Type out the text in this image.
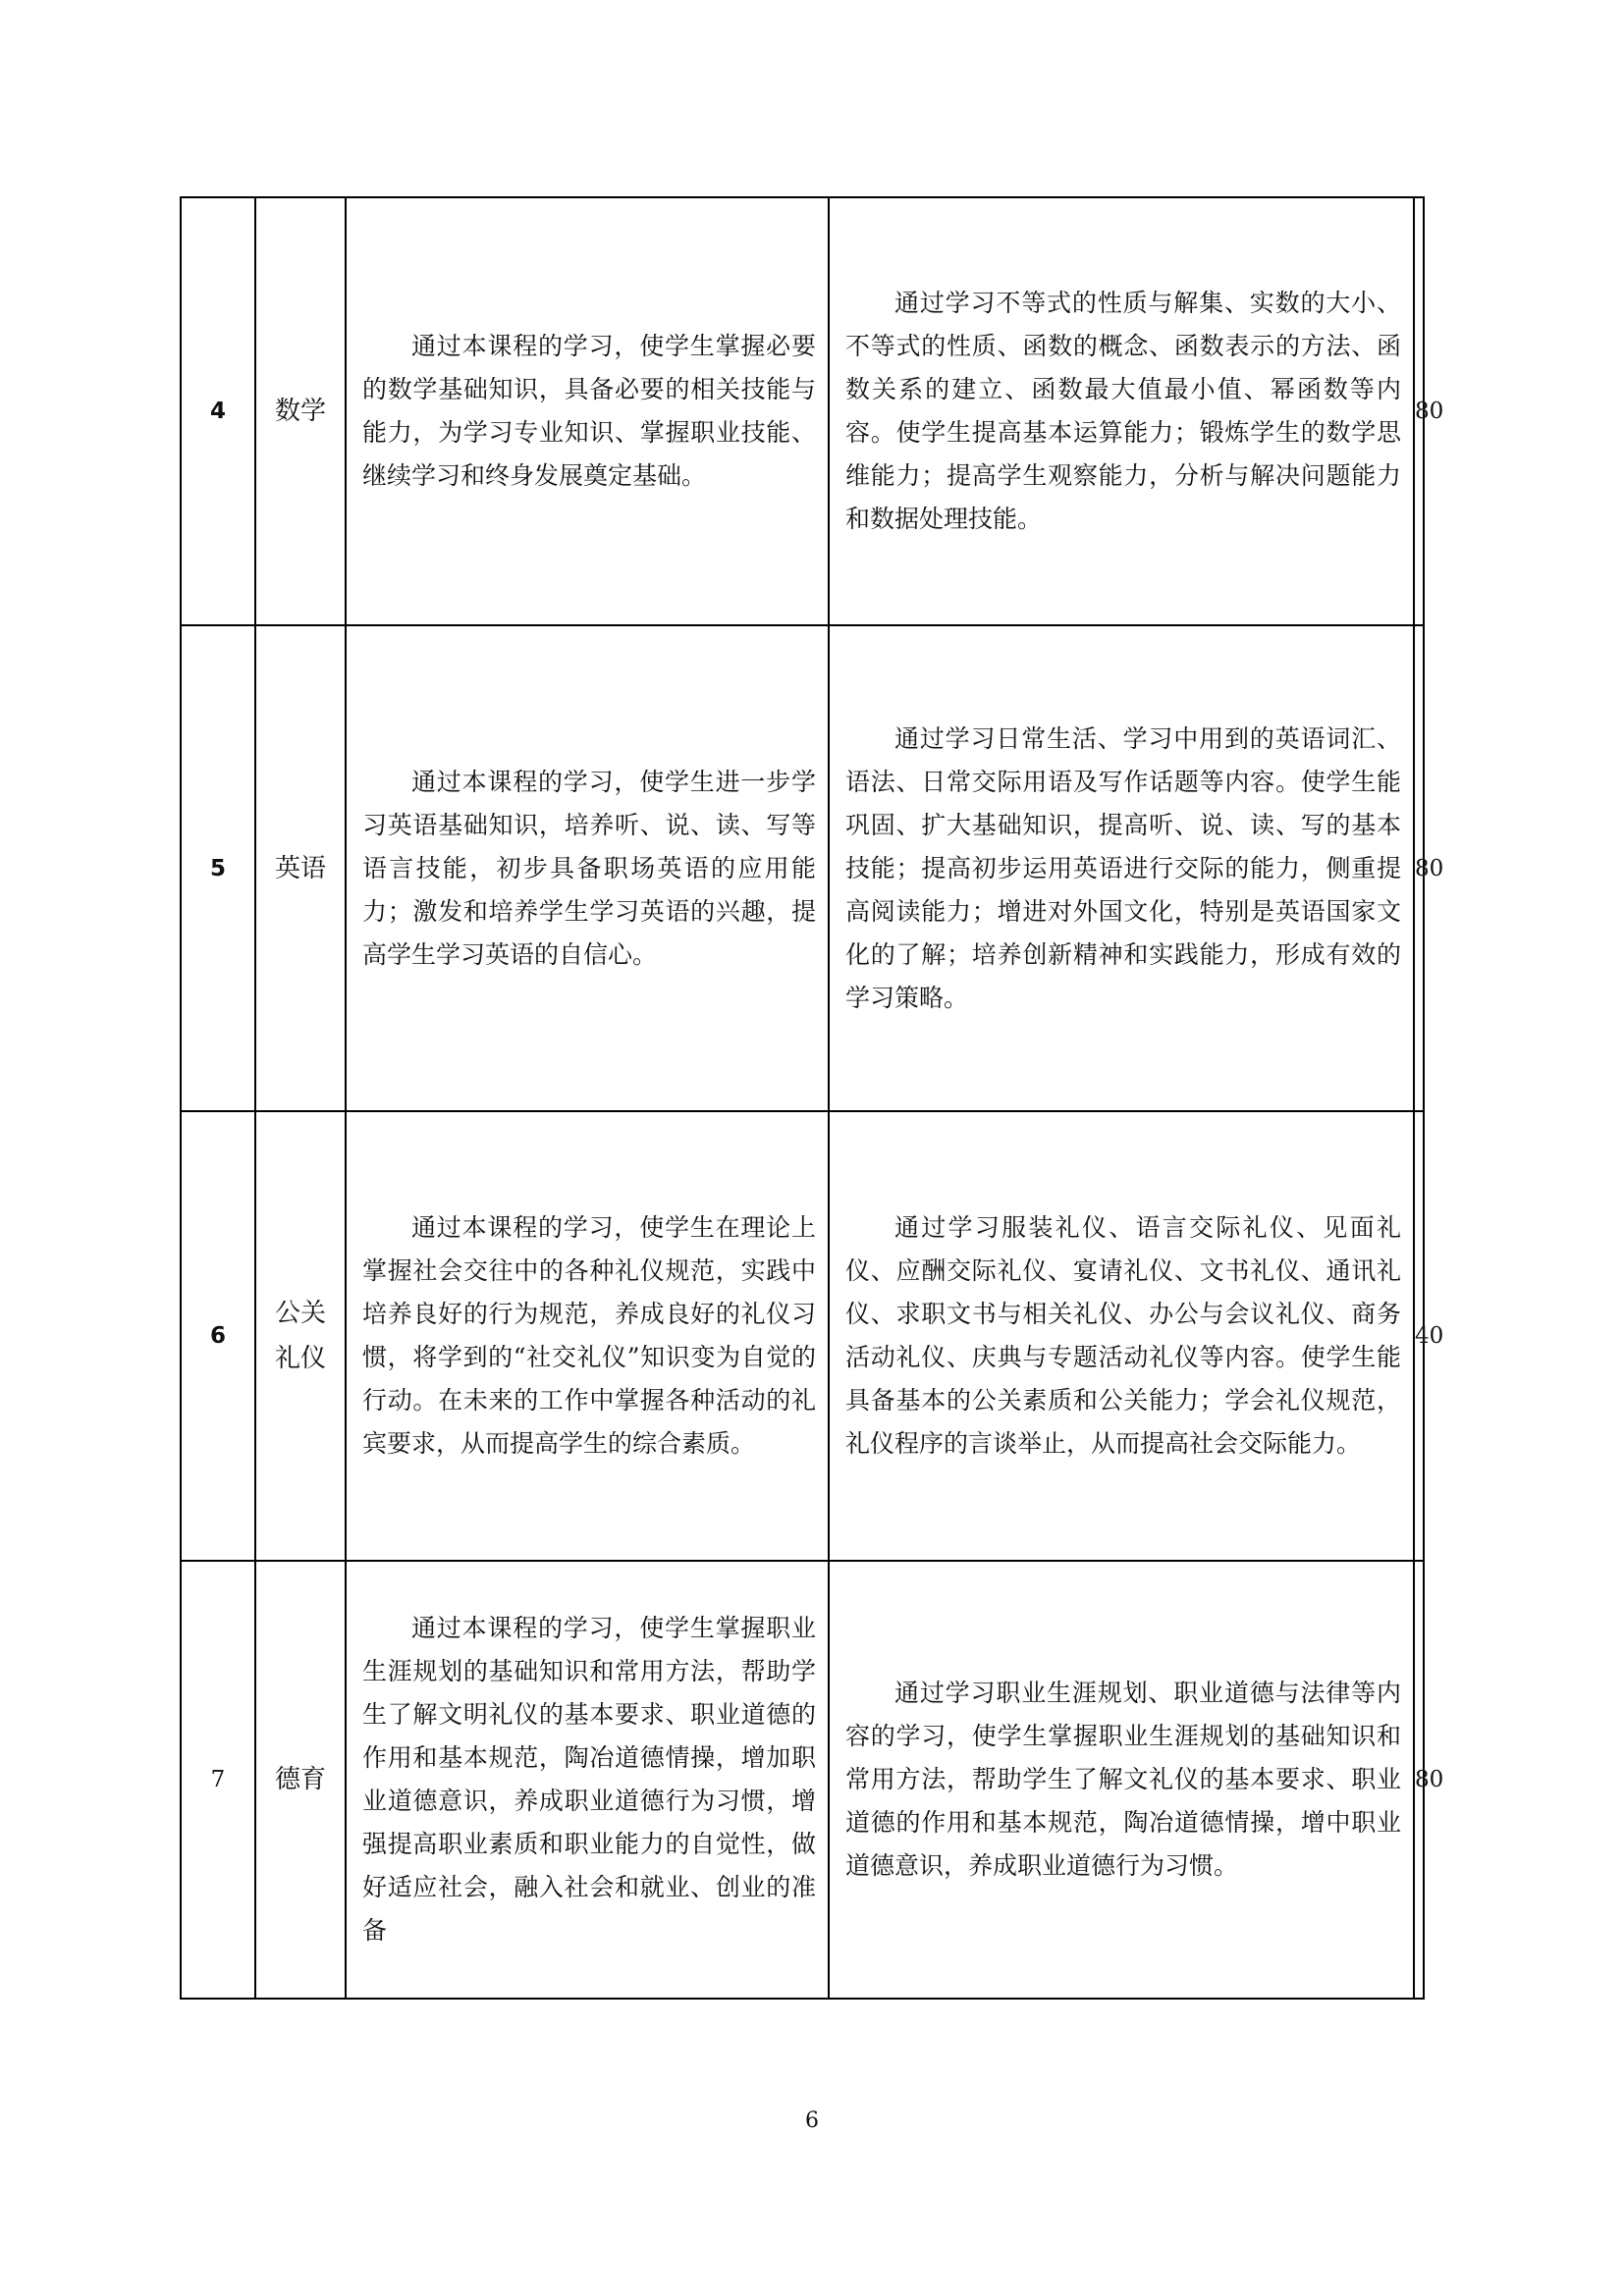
4	数学	通过本课程的学习，使学生掌握必要的数学基础知识，具备必要的相关技能与能力，为学习专业知识、掌握职业技能、继续学习和终身发展奠定基础。	通过学习不等式的性质与解集、实数的大小、不等式的性质、函数的概念、函数表示的方法、函数关系的建立、函数最大值最小值、幂函数等内容。使学生提高基本运算能力；锻炼学生的数学思维能力；提高学生观察能力，分析与解决问题能力和数据处理技能。	80
5	英语	通过本课程的学习，使学生进一步学习英语基础知识，培养听、说、读、写等语言技能，初步具备职场英语的应用能力；激发和培养学生学习英语的兴趣，提高学生学习英语的自信心。	通过学习日常生活、学习中用到的英语词汇、语法、日常交际用语及写作话题等内容。使学生能巩固、扩大基础知识，提高听、说、读、写的基本技能；提高初步运用英语进行交际的能力，侧重提高阅读能力；增进对外国文化，特别是英语国家文化的了解；培养创新精神和实践能力，形成有效的学习策略。	80
6	公关礼仪	通过本课程的学习，使学生在理论上掌握社会交往中的各种礼仪规范，实践中培养良好的行为规范，养成良好的礼仪习惯，将学到的“社交礼仪”知识变为自觉的行动。在未来的工作中掌握各种活动的礼宾要求，从而提高学生的综合素质。	通过学习服装礼仪、语言交际礼仪、见面礼仪、应酬交际礼仪、宴请礼仪、文书礼仪、通讯礼仪、求职文书与相关礼仪、办公与会议礼仪、商务活动礼仪、庆典与专题活动礼仪等内容。使学生能具备基本的公关素质和公关能力；学会礼仪规范，礼仪程序的言谈举止，从而提高社会交际能力。	40
7	德育	通过本课程的学习，使学生掌握职业生涯规划的基础知识和常用方法，帮助学生了解文明礼仪的基本要求、职业道德的作用和基本规范，陶冶道德情操，增加职业道德意识，养成职业道德行为习惯，增强提高职业素质和职业能力的自觉性，做好适应社会，融入社会和就业、创业的准备	通过学习职业生涯规划、职业道德与法律等内容的学习，使学生掌握职业生涯规划的基础知识和常用方法，帮助学生了解文礼仪的基本要求、职业道德的作用和基本规范，陶冶道德情操，增中职业道德意识，养成职业道德行为习惯。	80
6
